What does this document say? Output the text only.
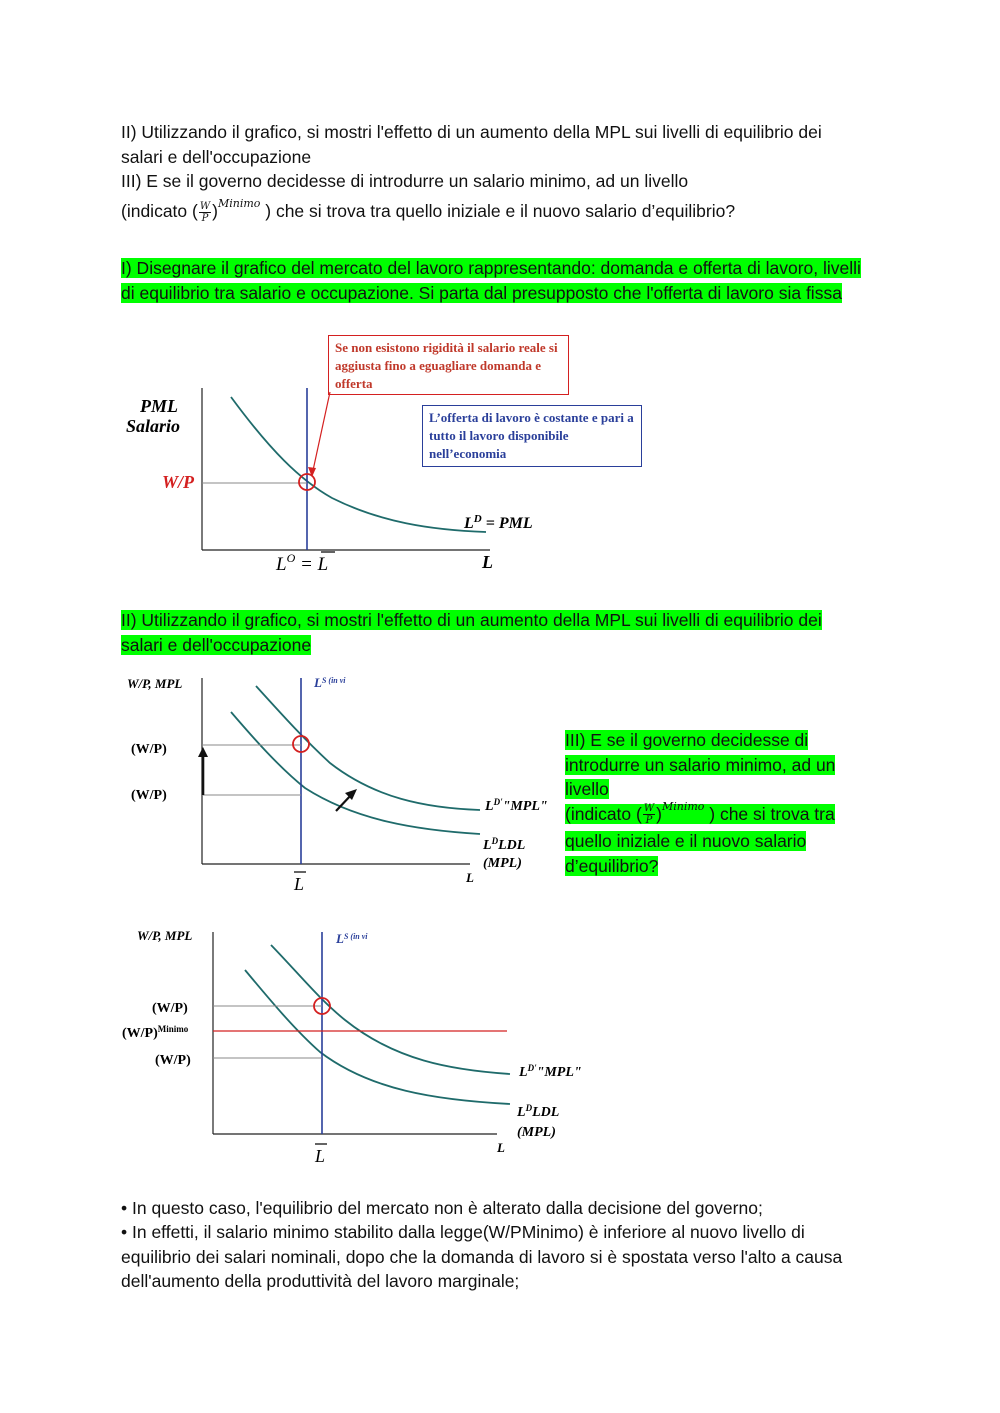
II) Utilizzando il grafico, si mostri l'effetto di un aumento della MPL sui livelli di equilibrio dei salari e dell'occupazione

III) E se il governo decidesse di introdurre un salario minimo, ad un livello

(indicato ( $\frac{W}{P} )^{Minimo}$ ) che si trova tra quello iniziale e il nuovo salario d’equilibrio?

I) Disegnare il grafico del mercato del lavoro rappresentando: domanda e offerta di lavoro, livelli di equilibrio tra salario e occupazione. Si parta dal presupposto che l'offerta di lavoro sia fissa

PML
Salario
W/P
$L^D$ = PML
$L^O = L$	L
Se non esistono rigidità il salario reale si aggiusta fino a eguagliare domanda e offerta
L’offerta di lavoro è costante e pari a tutto il lavoro disponibile nell’economia

II) Utilizzando il grafico, si mostri l'effetto di un aumento della MPL sui livelli di equilibrio dei salari e dell'occupazione

W/P, MPL	$L^{S (in vi}$
(W/P)
(W/P)
$L^{D'}"MPL$"
$L^DLDL$
(MPL)
L	L
III) E se il governo decidesse di introdurre un salario minimo, ad un livello
(indicato ( $\frac{W}{P} )^{Minimo}$ ) che si trova tra quello iniziale e il nuovo salario d’equilibrio?
W/P, MPL	$L^{S (in vi}$
(W/P)
$(W/P)^{Minimo}$
(W/P)
$L^{D'}"MPL$"
$L^DLDL$
(MPL)
L	L

• In questo caso, l'equilibrio del mercato non è alterato dalla decisione del governo;

• In effetti, il salario minimo stabilito dalla legge(W/PMinimo) è inferiore al nuovo livello di equilibrio dei salari nominali, dopo che la domanda di lavoro si è spostata verso l'alto a causa dell'aumento della produttività del lavoro marginale;
